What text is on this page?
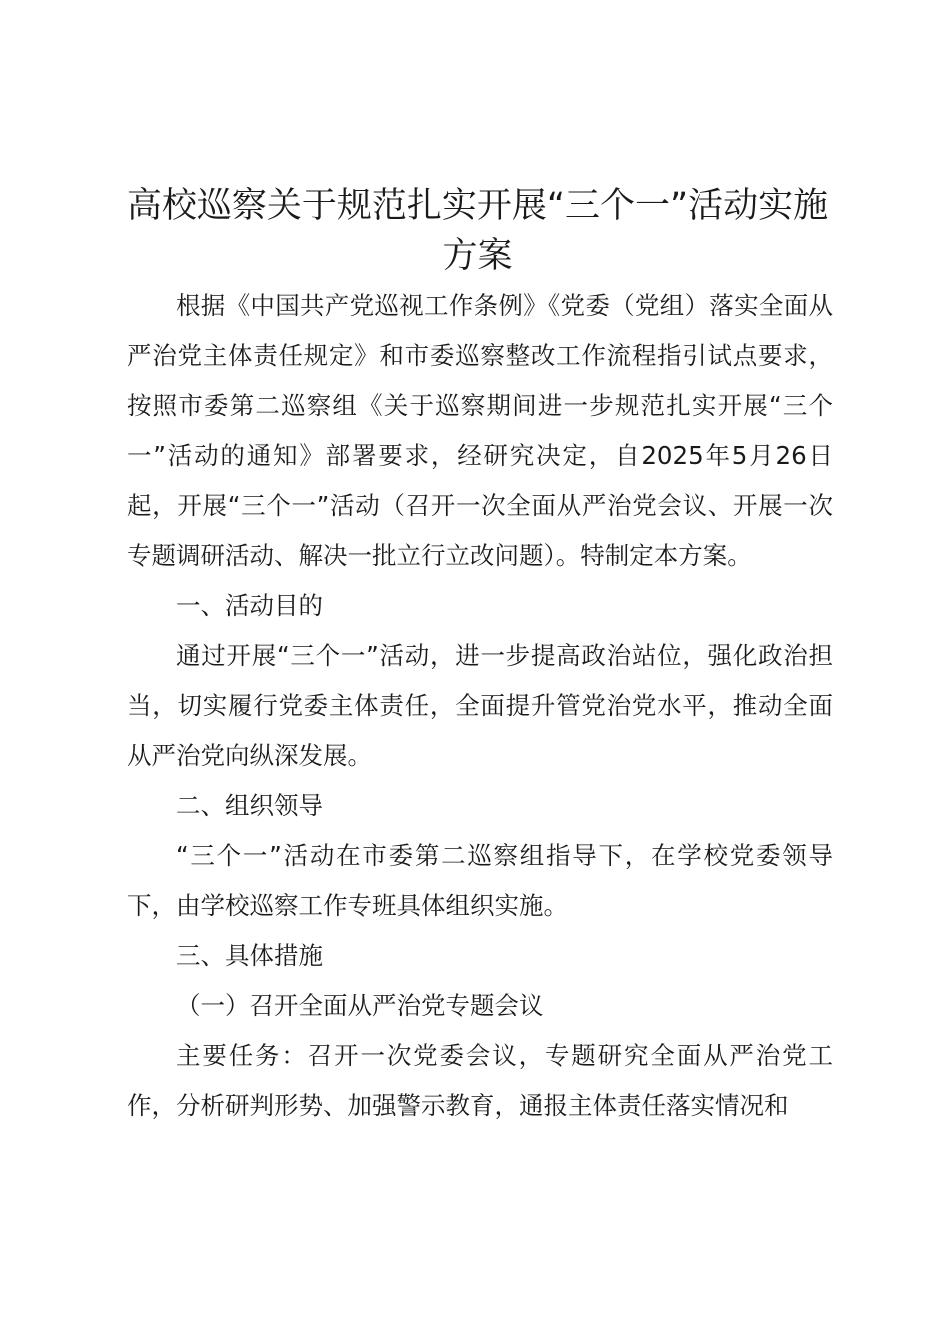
高校巡察关于规范扎实开展“三个一”活动实施方案

根据《中国共产党巡视工作条例》《党委（党组）落实全面从严治党主体责任规定》和市委巡察整改工作流程指引试点要求，按照市委第二巡察组《关于巡察期间进一步规范扎实开展“三个一”活动的通知》部署要求，经研究决定，自2025年5月26日起，开展“三个一”活动（召开一次全面从严治党会议、开展一次专题调研活动、解决一批立行立改问题）。特制定本方案。

一、活动目的

通过开展“三个一”活动，进一步提高政治站位，强化政治担当，切实履行党委主体责任，全面提升管党治党水平，推动全面从严治党向纵深发展。

二、组织领导

“三个一”活动在市委第二巡察组指导下，在学校党委领导下，由学校巡察工作专班具体组织实施。

三、具体措施

（一）召开全面从严治党专题会议

主要任务：召开一次党委会议，专题研究全面从严治党工作，分析研判形势、加强警示教育，通报主体责任落实情况和
